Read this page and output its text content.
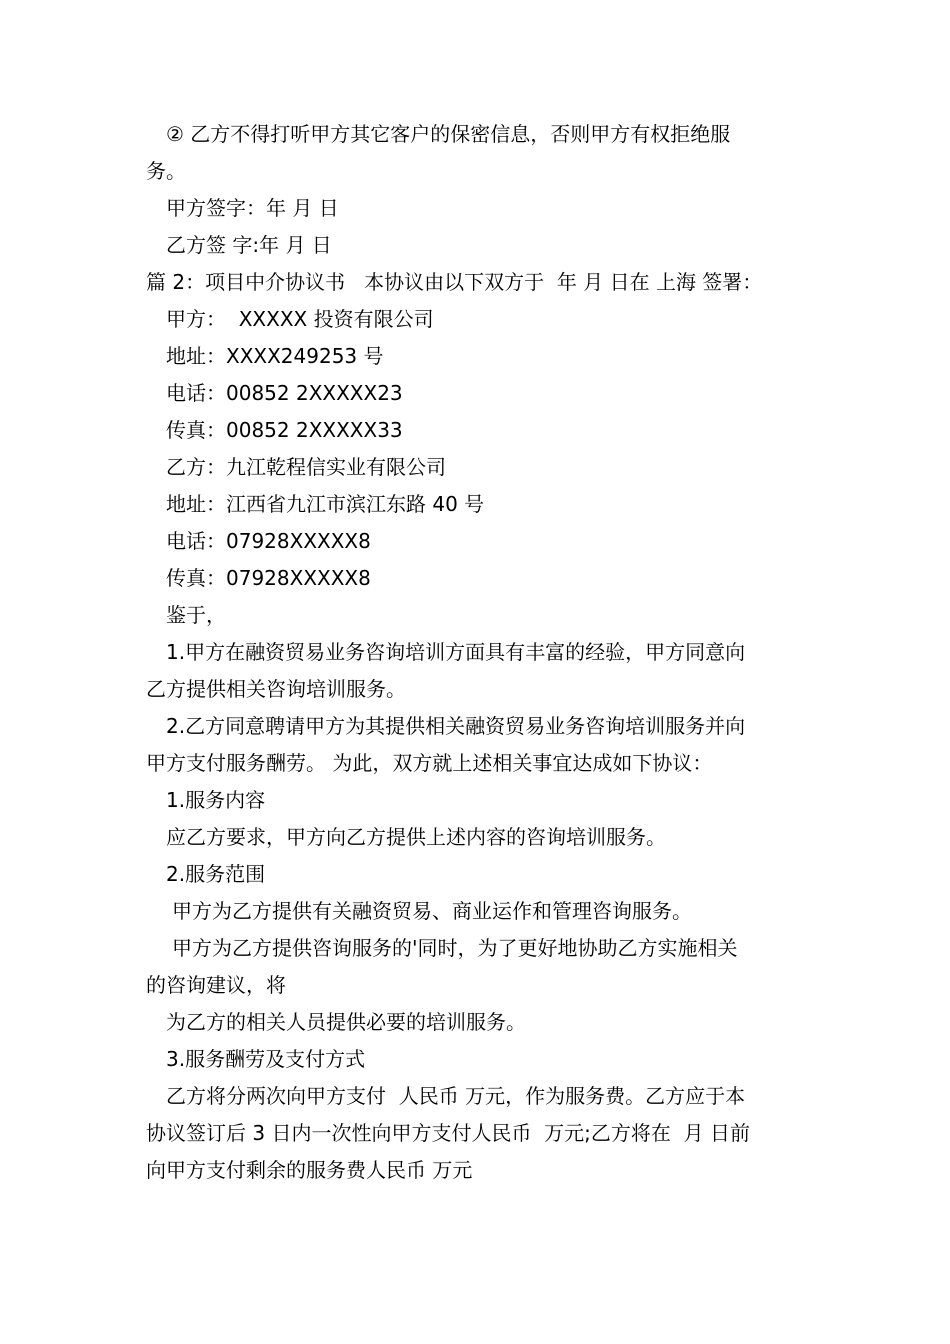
② 乙方不得打听甲方其它客户的保密信息，否则甲方有权拒绝服
务。
甲方签字：年 月 日
乙方签 字:年 月 日
篇 2：项目中介协议书   本协议由以下双方于  年 月 日在 上海 签署：
甲方：  XXXXX 投资有限公司
地址：XXXX249253 号
电话：00852 2XXXXX23
传真：00852 2XXXXX33
乙方：九江乾程信实业有限公司
地址：江西省九江市滨江东路 40 号
电话：07928XXXXX8
传真：07928XXXXX8
鉴于，
1.甲方在融资贸易业务咨询培训方面具有丰富的经验，甲方同意向
乙方提供相关咨询培训服务。
2.乙方同意聘请甲方为其提供相关融资贸易业务咨询培训服务并向
甲方支付服务酬劳。 为此，双方就上述相关事宜达成如下协议：
1.服务内容
应乙方要求，甲方向乙方提供上述内容的咨询培训服务。
2.服务范围
甲方为乙方提供有关融资贸易、商业运作和管理咨询服务。
甲方为乙方提供咨询服务的'同时，为了更好地协助乙方实施相关
的咨询建议，将
为乙方的相关人员提供必要的培训服务。
3.服务酬劳及支付方式
乙方将分两次向甲方支付  人民币 万元，作为服务费。乙方应于本
协议签订后 3 日内一次性向甲方支付人民币  万元;乙方将在  月 日前
向甲方支付剩余的服务费人民币 万元
